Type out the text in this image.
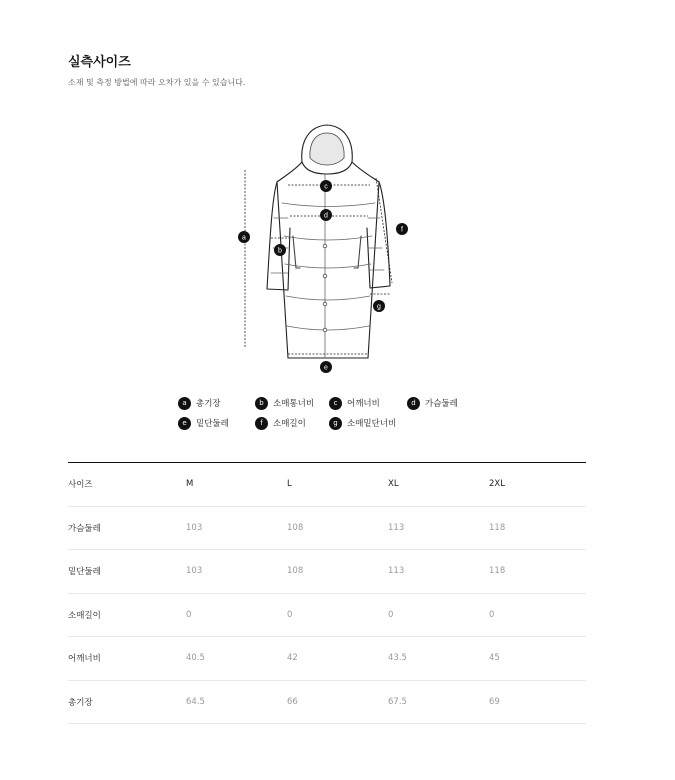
실측사이즈
소재 및 측정 방법에 따라 오차가 있을 수 있습니다.
a
b
c
d
e
f
g
a	총기장	b	소매통너비	c	어깨너비	d	가슴둘레
e	밑단둘레	f	소매길이	g	소매밑단너비
사이즈	M	L	XL	2XL
가슴둘레	103	108	113	118
밑단둘레	103	108	113	118
소매길이	0	0	0	0
어깨너비	40.5	42	43.5	45
총기장	64.5	66	67.5	69
